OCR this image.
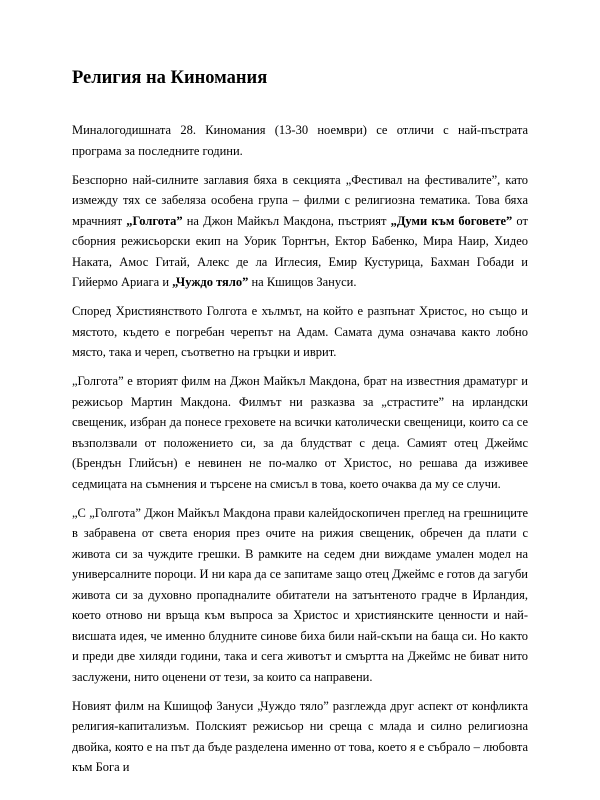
Религия на Киномания

Миналогодишната 28. Киномания (13-30 ноември) се отличи с най-пъстрата програма за последните години.

Безспорно най-силните заглавия бяха в секцията „Фестивал на фестивалите”, като измежду тях се забеляза особена група – филми с религиозна тематика. Това бяха мрачният „Голгота” на Джон Майкъл Макдона, пъстрият „Думи към боговете” от сборния режисьорски екип на Уорик Торнтън, Ектор Бабенко, Мира Наир, Хидео Наката, Амос Гитай, Алекс де ла Иглесия, Емир Кустурица, Бахман Гобади и Гийермо Ариага и „Чуждо тяло” на Кшищов Зануси.

Според Християнството Голгота е хълмът, на който е разпънат Христос, но също и мястото, където е погребан черепът на Адам. Самата дума означава както лобно място, така и череп, съответно на гръцки и иврит.

„Голгота” е вторият филм на Джон Майкъл Макдона, брат на известния драматург и режисьор Мартин Макдона. Филмът ни разказва за „страстите” на ирландски свещеник, избран да понесе греховете на всички католически свещеници, които са се възползвали от положението си, за да блудстват с деца. Самият отец Джеймс (Брендън Глийсън) е невинен не по-малко от Христос, но решава да изживее седмицата на съмнения и търсене на смисъл в това, което очаква да му се случи.

„С „Голгота” Джон Майкъл Макдона прави калейдоскопичен преглед на грешниците в забравена от света енория през очите на рижия свещеник, обречен да плати с живота си за чуждите грешки. В рамките на седем дни виждаме умален модел на универсалните пороци. И ни кара да се запитаме защо отец Джеймс е готов да загуби живота си за духовно пропадналите обитатели на затънтеното градче в Ирландия, което отново ни връща към въпроса за Христос и християнските ценности и най-висшата идея, че именно блудните синове биха били най-скъпи на баща си. Но както и преди две хиляди години, така и сега животът и смъртта на Джеймс не биват нито заслужени, нито оценени от тези, за които са направени.

Новият филм на Кшищоф Зануси „Чуждо тяло” разглежда друг аспект от конфликта религия-капитализъм. Полският режисьор ни среща с млада и силно религиозна двойка, която е на път да бъде разделена именно от това, което я е събрало – любовта към Бога и
